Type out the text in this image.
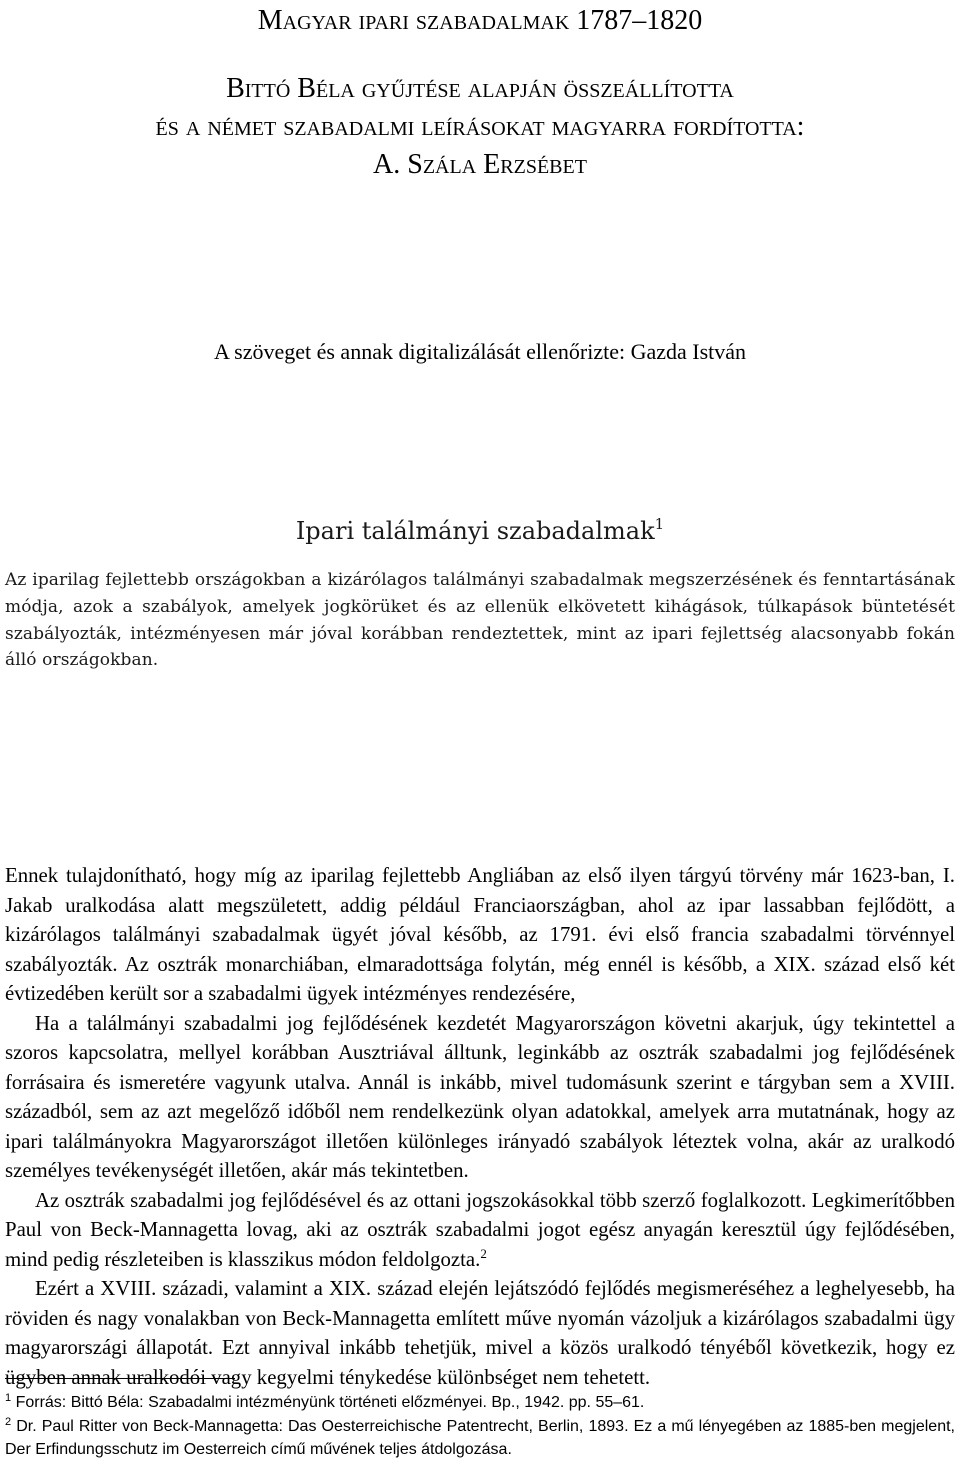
Magyar ipari szabadalmak 1787–1820

Bittó Béla gyűjtése alapján összeállította

és a német szabadalmi leírásokat magyarra fordította:

A. Szála Erzsébet

A szöveget és annak digitalizálását ellenőrizte: Gazda István
Ipari találmányi szabadalmak$^1$

Az iparilag fejlettebb országokban a kizárólagos találmányi szabadalmak megszerzésének és fenntartásának módja, azok a szabályok, amelyek jogkörüket és az ellenük elkövetett kihágások, túlkapások büntetését szabályozták, intézményesen már jóval korábban rendeztettek, mint az ipari fejlettség alacsonyabb fokán álló országokban.

Ennek tulajdonítható, hogy míg az iparilag fejlettebb Angliában az első ilyen tárgyú törvény már 1623-ban, I. Jakab uralkodása alatt megszületett, addig például Franciaországban, ahol az ipar lassabban fejlődött, a kizárólagos találmányi szabadalmak ügyét jóval később, az 1791. évi első francia szabadalmi törvénnyel szabályozták. Az osztrák monarchiában, elmaradottsága folytán, még ennél is később, a XIX. század első két évtizedében került sor a szabadalmi ügyek intézményes rendezésére,

Ha a találmányi szabadalmi jog fejlődésének kezdetét Magyarországon követni akarjuk, úgy tekintettel a szoros kapcsolatra, mellyel korábban Ausztriával álltunk, leginkább az osztrák szabadalmi jog fejlődésének forrásaira és ismeretére vagyunk utalva. Annál is inkább, mivel tudomásunk szerint e tárgyban sem a XVIII. századból, sem az azt megelőző időből nem rendelkezünk olyan adatokkal, amelyek arra mutatnának, hogy az ipari találmányokra Magyarországot illetően különleges irányadó szabályok léteztek volna, akár az uralkodó személyes tevékenységét illetően, akár más tekintetben.

Az osztrák szabadalmi jog fejlődésével és az ottani jogszokásokkal több szerző foglalkozott. Legkimerítőbben Paul von Beck-Mannagetta lovag, aki az osztrák szabadalmi jogot egész anyagán keresztül úgy fejlődésében, mind pedig részleteiben is klasszikus módon feldolgozta.$^2$

Ezért a XVIII. századi, valamint a XIX. század elején lejátszódó fejlődés megismeréséhez a leghelyesebb, ha röviden és nagy vonalakban von Beck-Mannagetta említett műve nyomán vázoljuk a kizárólagos szabadalmi ügy magyarországi állapotát. Ezt annyival inkább tehetjük, mivel a közös uralkodó tényéből következik, hogy ez ügyben annak uralkodói vagy kegyelmi ténykedése különbséget nem tehetett.

$^1$ Forrás: Bittó Béla: Szabadalmi intézményünk történeti előzményei. Bp., 1942. pp. 55–61.

$^2$ Dr. Paul Ritter von Beck-Mannagetta: Das Oesterreichische Patentrecht, Berlin, 1893. Ez a mű lényegében az 1885-ben megjelent, Der Erfindungsschutz im Oesterreich című művének teljes átdolgozása.
